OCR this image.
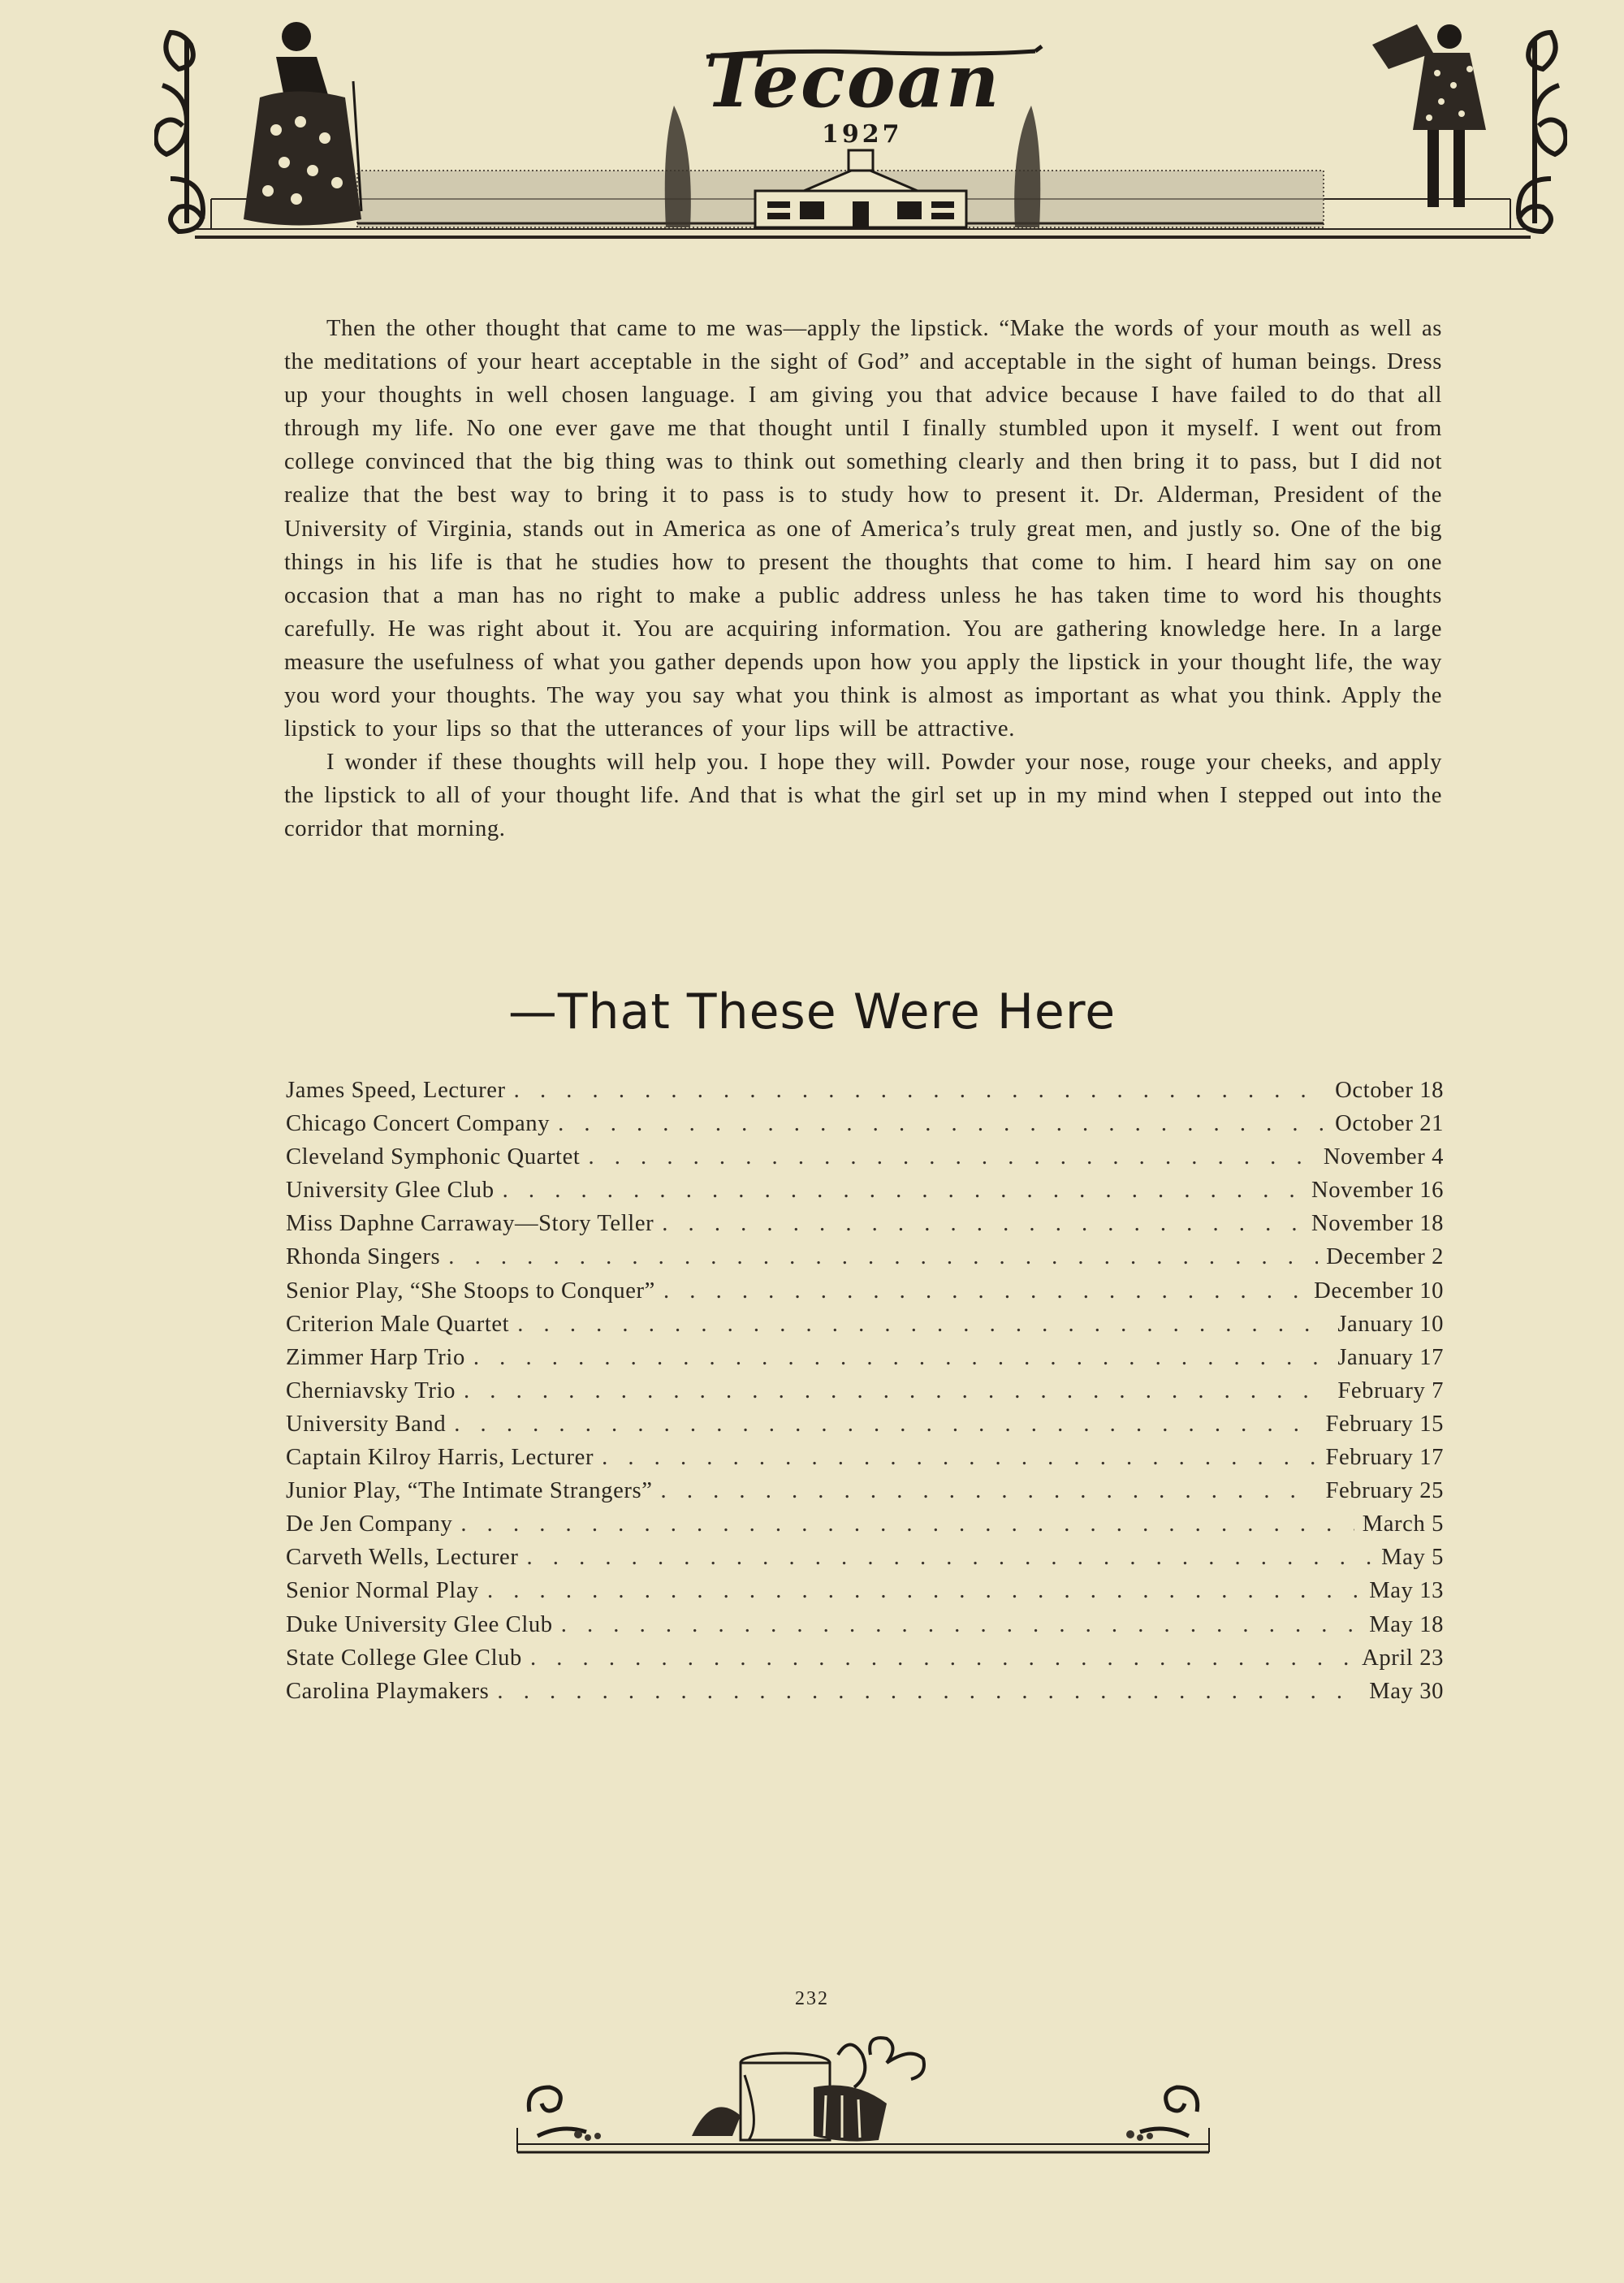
Tecoan
1927

Then the other thought that came to me was—apply the lipstick. “Make the words of your mouth as well as the meditations of your heart acceptable in the sight of God” and acceptable in the sight of human beings. Dress up your thoughts in well chosen language. I am giving you that advice because I have failed to do that all through my life. No one ever gave me that thought until I finally stumbled upon it myself. I went out from college convinced that the big thing was to think out something clearly and then bring it to pass, but I did not realize that the best way to bring it to pass is to study how to present it. Dr. Alderman, President of the University of Virginia, stands out in America as one of America’s truly great men, and justly so. One of the big things in his life is that he studies how to present the thoughts that come to him. I heard him say on one occasion that a man has no right to make a public address unless he has taken time to word his thoughts carefully. He was right about it. You are acquiring information. You are gathering knowledge here. In a large measure the usefulness of what you gather depends upon how you apply the lipstick in your thought life, the way you word your thoughts. The way you say what you think is almost as important as what you think. Apply the lipstick to your lips so that the utterances of your lips will be attractive.

I wonder if these thoughts will help you. I hope they will. Powder your nose, rouge your cheeks, and apply the lipstick to all of your thought life. And that is what the girl set up in my mind when I stepped out into the corridor that morning.

—That These Were Here
James Speed, Lecturer . . .	October 18
Chicago Concert Company . . .	October 21
Cleveland Symphonic Quartet . . .	November 4
University Glee Club . . .	November 16
Miss Daphne Carraway—Story Teller . . .	November 18
Rhonda Singers . . .	December 2
Senior Play, “She Stoops to Conquer” . . .	December 10
Criterion Male Quartet . . .	January 10
Zimmer Harp Trio . . .	January 17
Cherniavsky Trio . . .	February 7
University Band . . .	February 15
Captain Kilroy Harris, Lecturer . . .	February 17
Junior Play, “The Intimate Strangers” . . .	February 25
De Jen Company . . .	March 5
Carveth Wells, Lecturer . . .	May 5
Senior Normal Play . . .	May 13
Duke University Glee Club . . .	May 18
State College Glee Club . . .	April 23
Carolina Playmakers . . .	May 30
232
